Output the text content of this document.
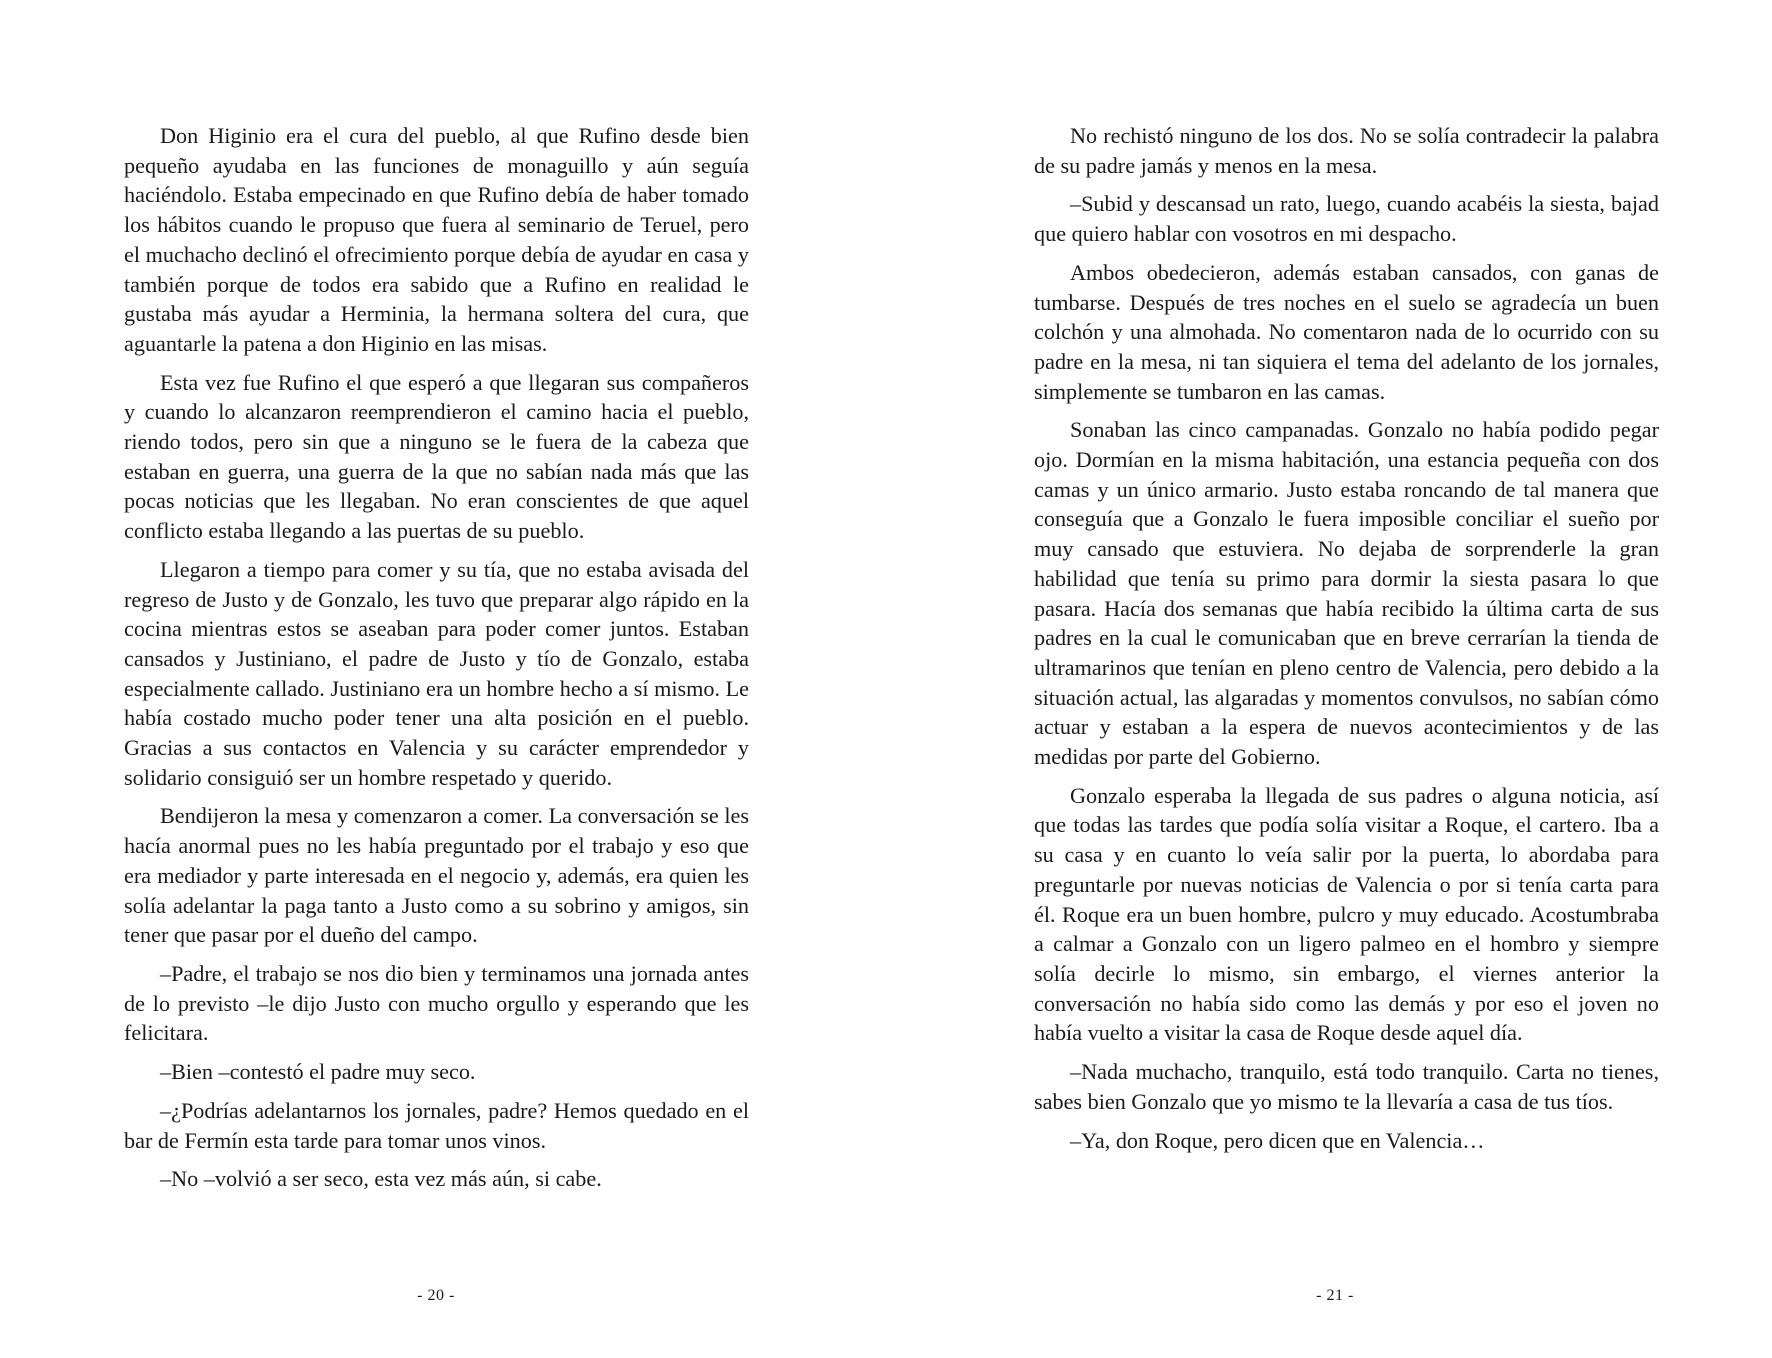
Don Higinio era el cura del pueblo, al que Rufino desde bien pequeño ayudaba en las funciones de monaguillo y aún seguía haciéndolo. Estaba empecinado en que Rufino debía de haber tomado los hábitos cuando le propuso que fuera al seminario de Teruel, pero el muchacho declinó el ofrecimiento porque debía de ayudar en casa y también porque de todos era sabido que a Rufino en realidad le gustaba más ayudar a Herminia, la hermana soltera del cura, que aguantarle la patena a don Higinio en las misas.

Esta vez fue Rufino el que esperó a que llegaran sus compañeros y cuando lo alcanzaron reemprendieron el camino hacia el pueblo, riendo todos, pero sin que a ninguno se le fuera de la cabeza que estaban en guerra, una guerra de la que no sabían nada más que las pocas noticias que les llegaban. No eran conscientes de que aquel conflicto estaba llegando a las puertas de su pueblo.

Llegaron a tiempo para comer y su tía, que no estaba avisada del regreso de Justo y de Gonzalo, les tuvo que preparar algo rápido en la cocina mientras estos se aseaban para poder comer juntos. Estaban cansados y Justiniano, el padre de Justo y tío de Gonzalo, estaba especialmente callado. Justiniano era un hombre hecho a sí mismo. Le había costado mucho poder tener una alta posición en el pueblo. Gracias a sus contactos en Valencia y su carácter emprendedor y solidario consiguió ser un hombre respetado y querido.

Bendijeron la mesa y comenzaron a comer. La conversación se les hacía anormal pues no les había preguntado por el trabajo y eso que era mediador y parte interesada en el negocio y, además, era quien les solía adelantar la paga tanto a Justo como a su sobrino y amigos, sin tener que pasar por el dueño del campo.

–Padre, el trabajo se nos dio bien y terminamos una jornada antes de lo previsto –le dijo Justo con mucho orgullo y esperando que les felicitara.

–Bien –contestó el padre muy seco.

–¿Podrías adelantarnos los jornales, padre? Hemos quedado en el bar de Fermín esta tarde para tomar unos vinos.

–No –volvió a ser seco, esta vez más aún, si cabe.

- 20 -

No rechistó ninguno de los dos. No se solía contradecir la palabra de su padre jamás y menos en la mesa.

–Subid y descansad un rato, luego, cuando acabéis la siesta, bajad que quiero hablar con vosotros en mi despacho.

Ambos obedecieron, además estaban cansados, con ganas de tumbarse. Después de tres noches en el suelo se agradecía un buen colchón y una almohada. No comentaron nada de lo ocurrido con su padre en la mesa, ni tan siquiera el tema del adelanto de los jornales, simplemente se tumbaron en las camas.

Sonaban las cinco campanadas. Gonzalo no había podido pegar ojo. Dormían en la misma habitación, una estancia pequeña con dos camas y un único armario. Justo estaba roncando de tal manera que conseguía que a Gonzalo le fuera imposible conciliar el sueño por muy cansado que estuviera. No dejaba de sorprenderle la gran habilidad que tenía su primo para dormir la siesta pasara lo que pasara. Hacía dos semanas que había recibido la última carta de sus padres en la cual le comunicaban que en breve cerrarían la tienda de ultramarinos que tenían en pleno centro de Valencia, pero debido a la situación actual, las algaradas y momentos convulsos, no sabían cómo actuar y estaban a la espera de nuevos acontecimientos y de las medidas por parte del Gobierno.

Gonzalo esperaba la llegada de sus padres o alguna noticia, así que todas las tardes que podía solía visitar a Roque, el cartero. Iba a su casa y en cuanto lo veía salir por la puerta, lo abordaba para preguntarle por nuevas noticias de Valencia o por si tenía carta para él. Roque era un buen hombre, pulcro y muy educado. Acostumbraba a calmar a Gonzalo con un ligero palmeo en el hombro y siempre solía decirle lo mismo, sin embargo, el viernes anterior la conversación no había sido como las demás y por eso el joven no había vuelto a visitar la casa de Roque desde aquel día.

–Nada muchacho, tranquilo, está todo tranquilo. Carta no tienes, sabes bien Gonzalo que yo mismo te la llevaría a casa de tus tíos.

–Ya, don Roque, pero dicen que en Valencia…

- 21 -
